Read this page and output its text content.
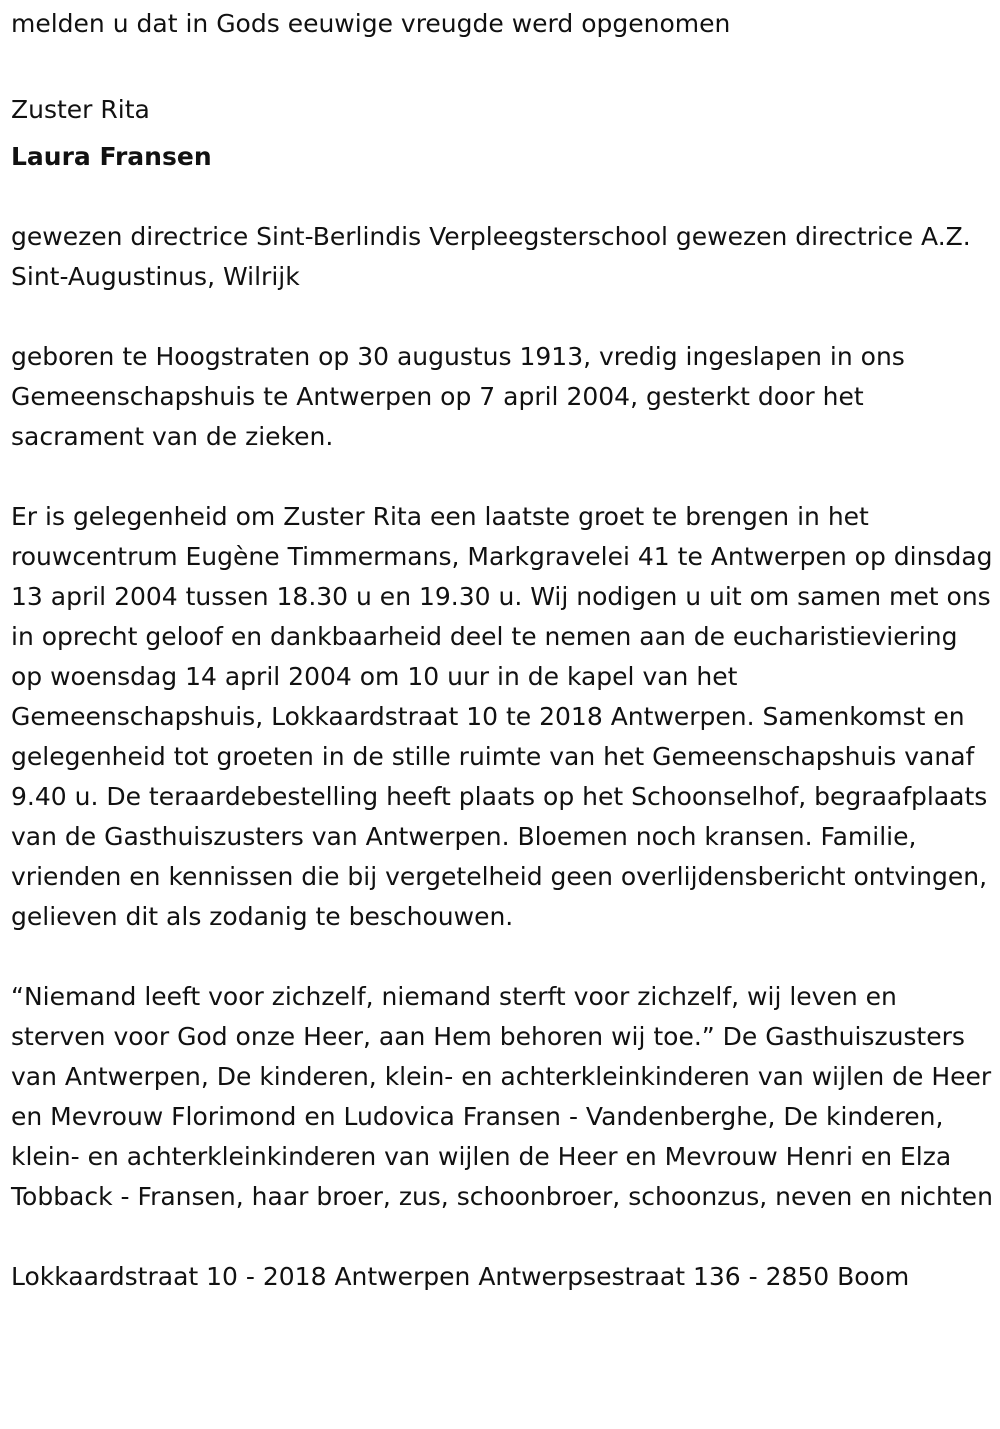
melden u dat in Gods eeuwige vreugde werd opgenomen

Zuster Rita

Laura Fransen

gewezen directrice Sint-Berlindis Verpleegsterschool gewezen directrice A.Z. Sint-Augustinus, Wilrijk

geboren te Hoogstraten op 30 augustus 1913, vredig ingeslapen in ons Gemeenschapshuis te Antwerpen op 7 april 2004, gesterkt door het sacrament van de zieken.

Er is gelegenheid om Zuster Rita een laatste groet te brengen in het rouwcentrum Eugène Timmermans, Markgravelei 41 te Antwerpen op dinsdag 13 april 2004 tussen 18.30 u en 19.30 u. Wij nodigen u uit om samen met ons in oprecht geloof en dankbaarheid deel te nemen aan de eucharistieviering op woensdag 14 april 2004 om 10 uur in de kapel van het Gemeenschapshuis, Lokkaardstraat 10 te 2018 Antwerpen. Samenkomst en gelegenheid tot groeten in de stille ruimte van het Gemeenschapshuis vanaf 9.40 u. De teraardebestelling heeft plaats op het Schoonselhof, begraafplaats van de Gasthuiszusters van Antwerpen. Bloemen noch kransen. Familie, vrienden en kennissen die bij vergetelheid geen overlijdensbericht ontvingen, gelieven dit als zodanig te beschouwen.

“Niemand leeft voor zichzelf, niemand sterft voor zichzelf, wij leven en sterven voor God onze Heer, aan Hem behoren wij toe.” De Gasthuiszusters van Antwerpen, De kinderen, klein- en achterkleinkinderen van wijlen de Heer en Mevrouw Florimond en Ludovica Fransen - Vandenberghe, De kinderen, klein- en achterkleinkinderen van wijlen de Heer en Mevrouw Henri en Elza Tobback - Fransen, haar broer, zus, schoonbroer, schoonzus, neven en nichten

Lokkaardstraat 10 - 2018 Antwerpen Antwerpsestraat 136 - 2850 Boom
